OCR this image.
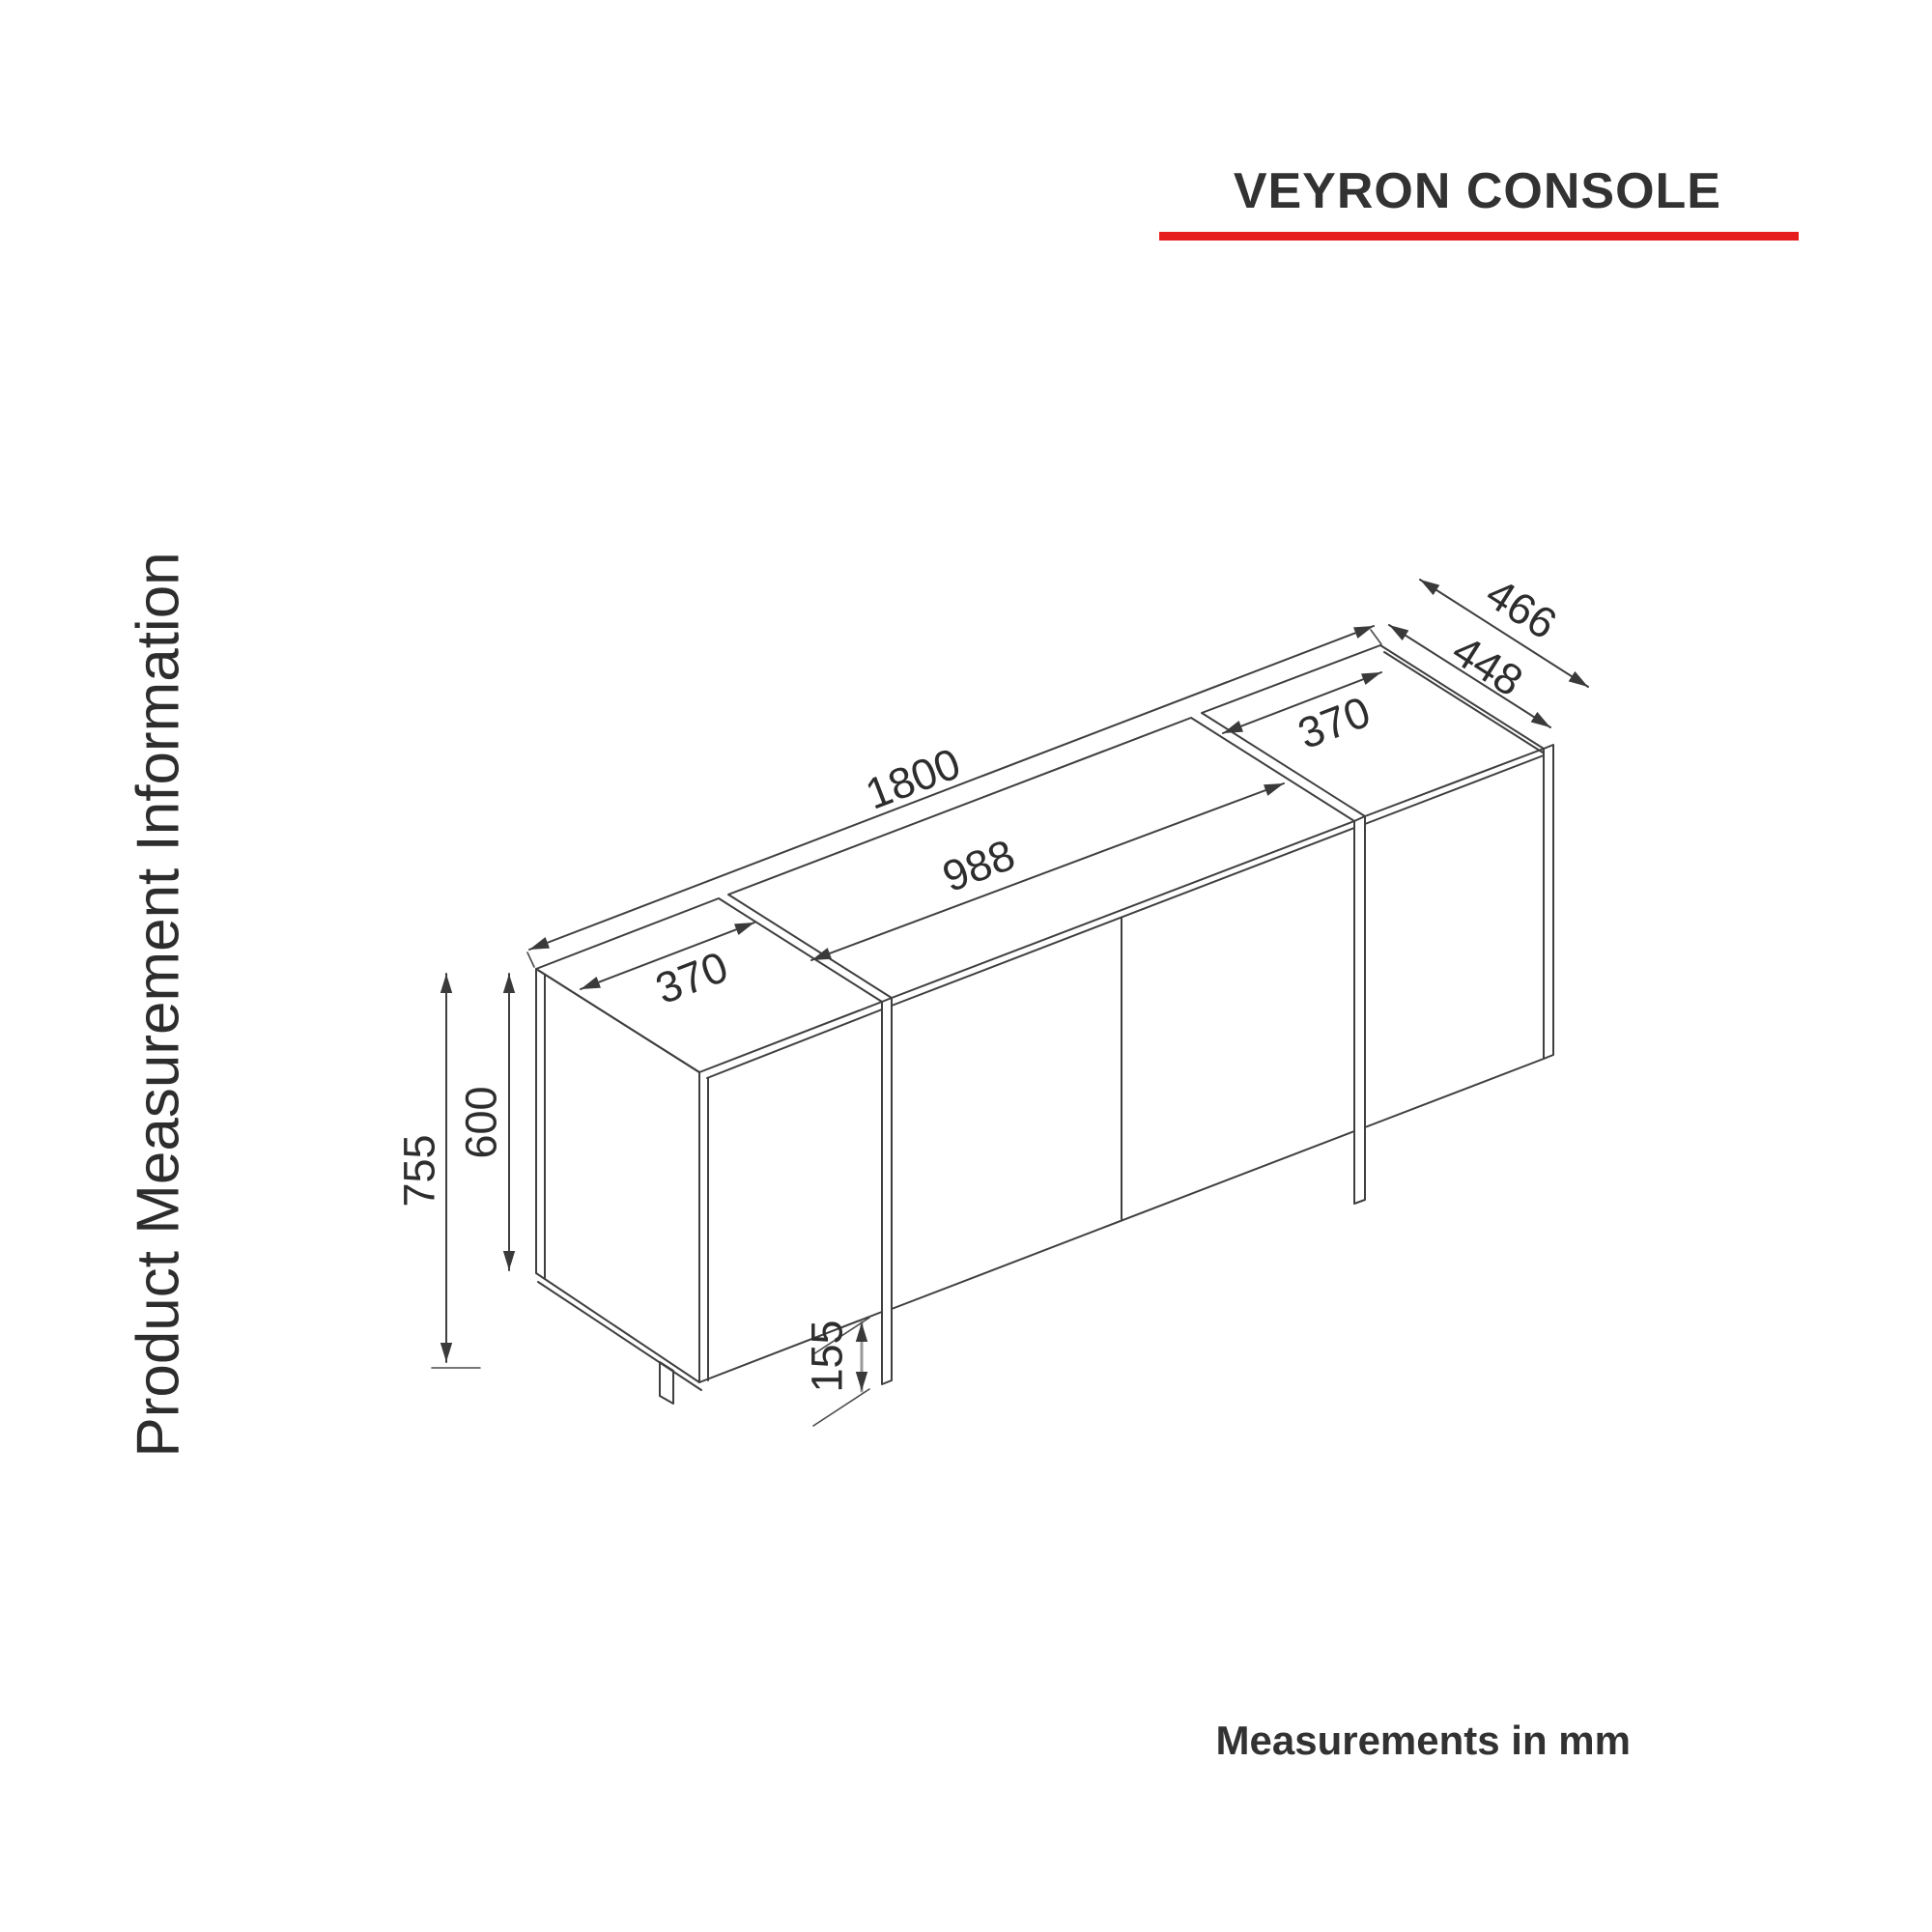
VEYRON CONSOLE
Product Measurement Information
Measurements in mm
1800
988
370
370
466
448
755
600
155
